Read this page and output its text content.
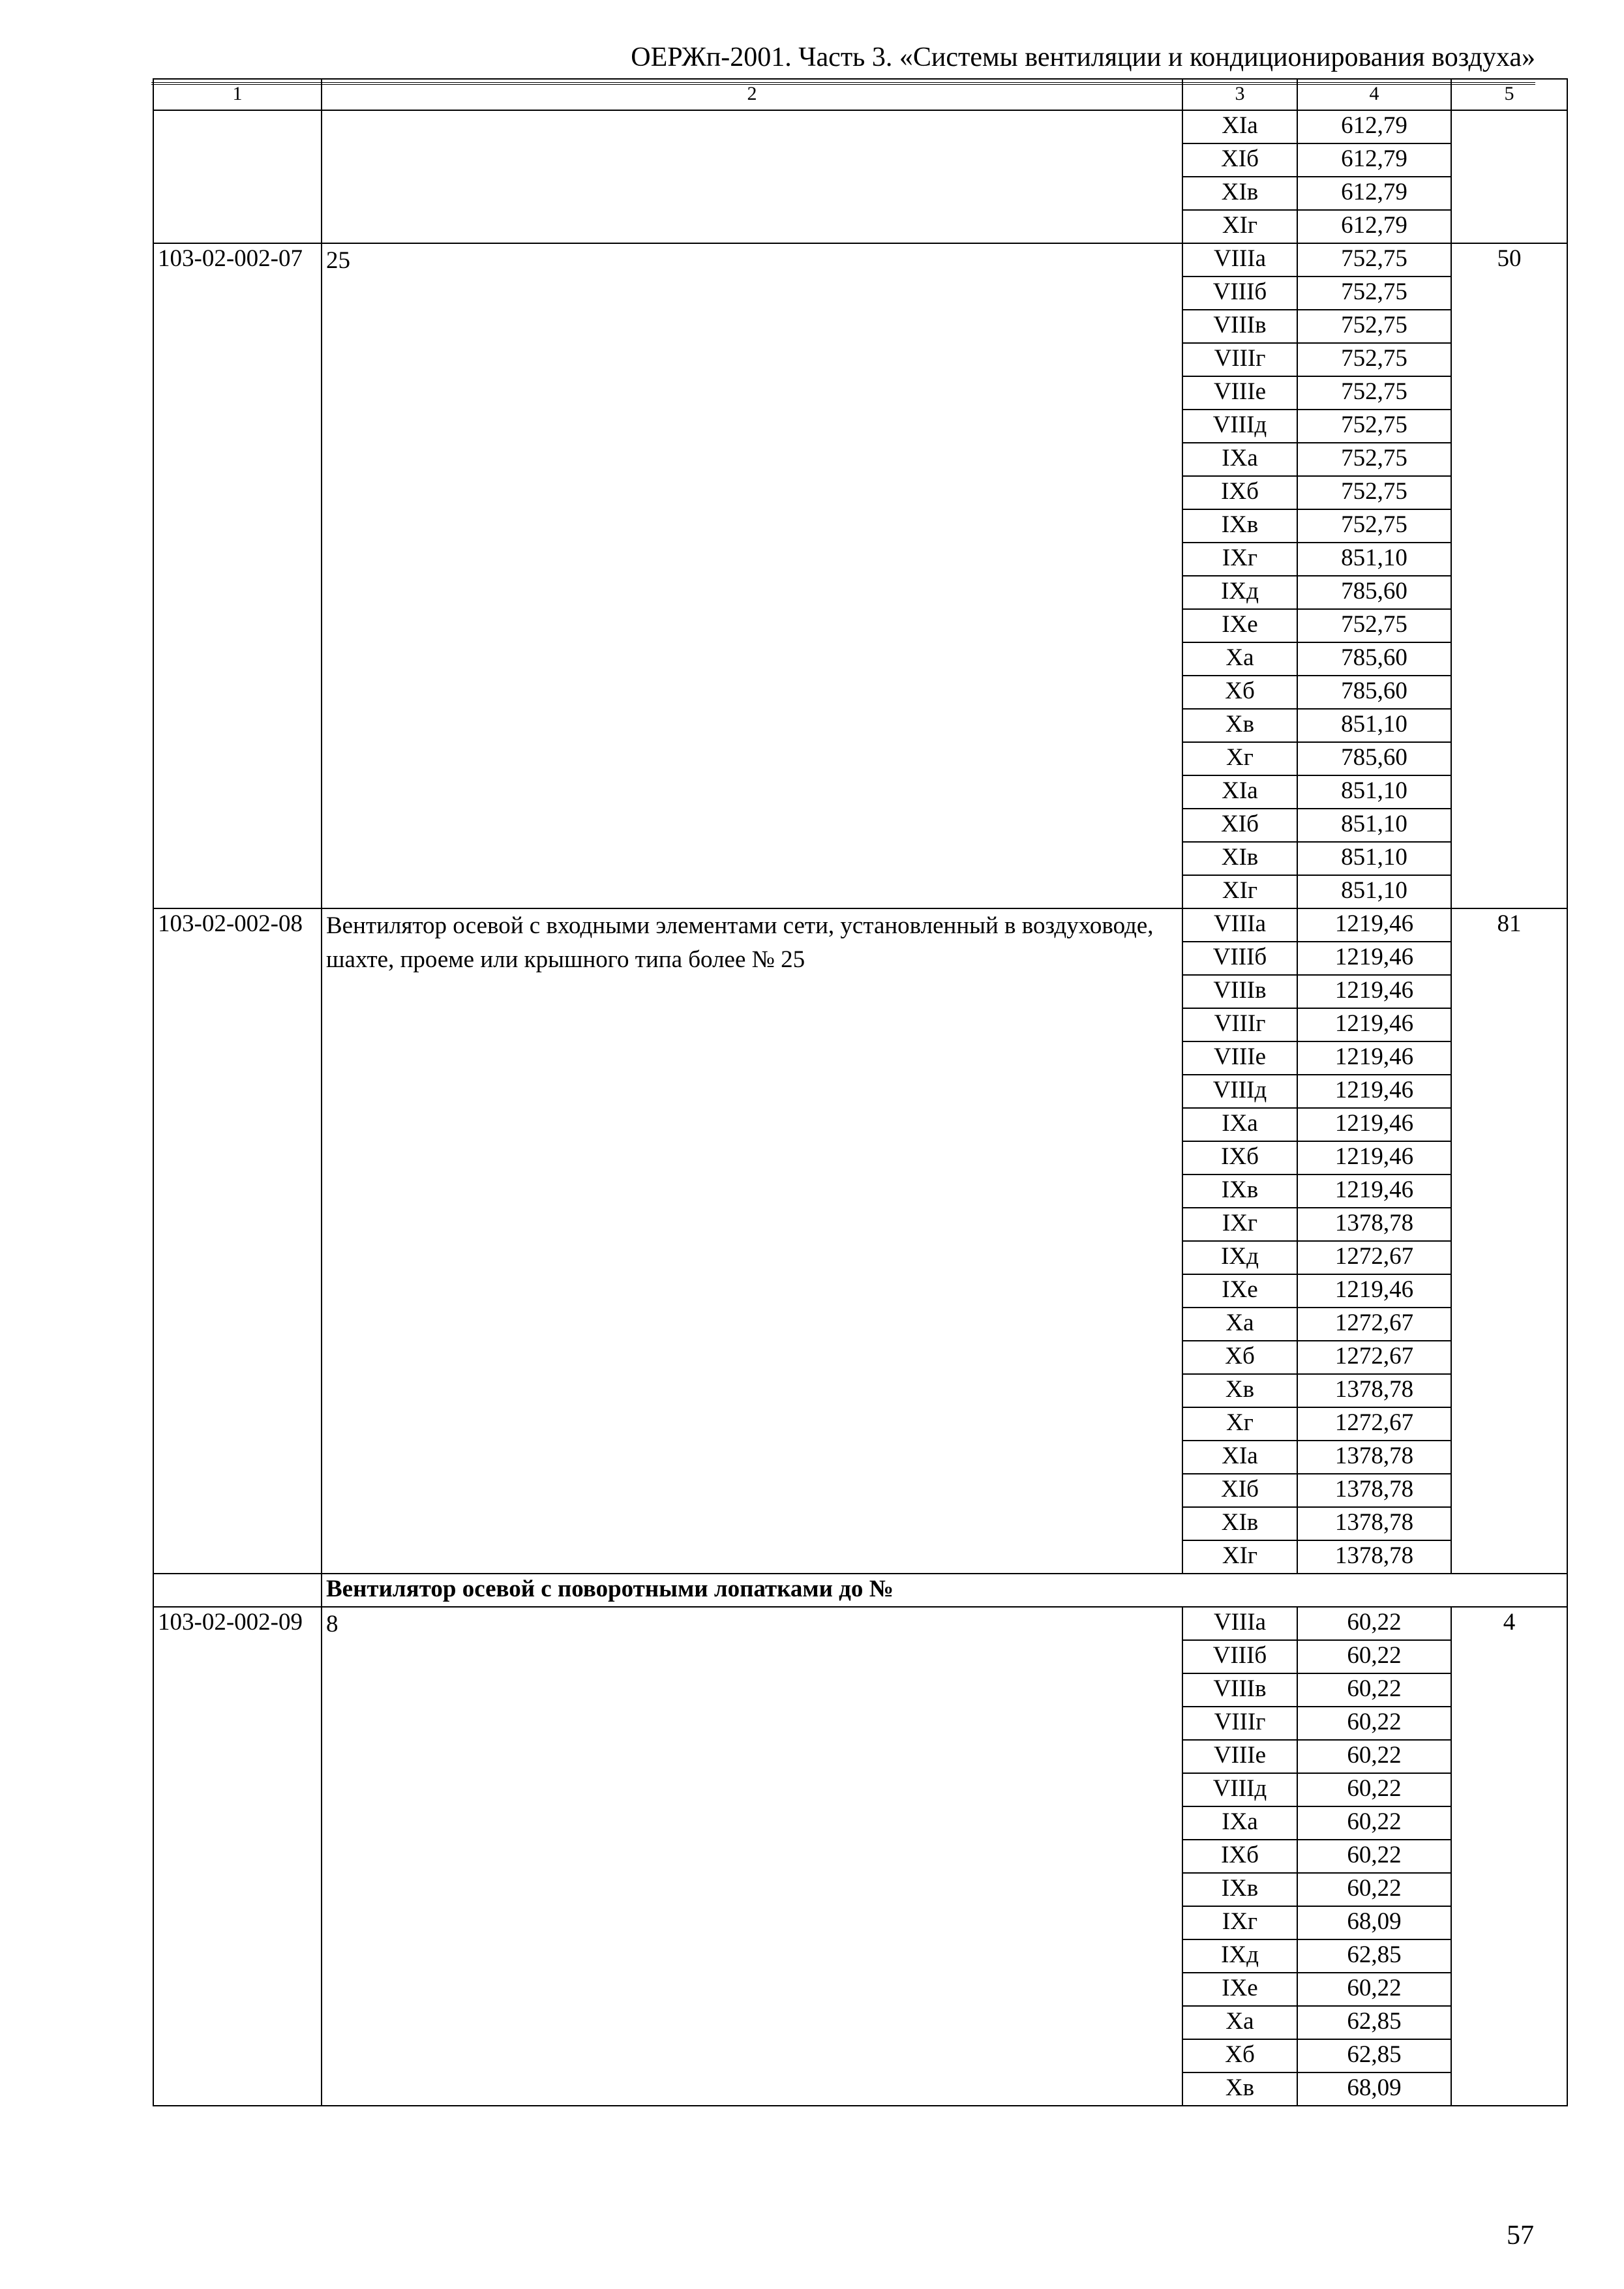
ОЕРЖп-2001. Часть 3. «Системы вентиляции и кондиционирования воздуха»
1	2	3	4	5
		XIа	612,79	
		XIб	612,79	
		XIв	612,79	
		XIг	612,79	
103-02-002-07	25	VIIIа	752,75	50
		VIIIб	752,75	
		VIIIв	752,75	
		VIIIг	752,75	
		VIIIе	752,75	
		VIIIд	752,75	
		IXа	752,75	
		IXб	752,75	
		IXв	752,75	
		IXг	851,10	
		IXд	785,60	
		IXе	752,75	
		Xа	785,60	
		Xб	785,60	
		Xв	851,10	
		Xг	785,60	
		XIа	851,10	
		XIб	851,10	
		XIв	851,10	
		XIг	851,10	
103-02-002-08	Вентилятор осевой с входными элементами сети, установленный в воздуховоде, шахте, проеме или крышного типа более № 25	VIIIа	1219,46	81
		VIIIб	1219,46	
		VIIIв	1219,46	
		VIIIг	1219,46	
		VIIIе	1219,46	
		VIIIд	1219,46	
		IXа	1219,46	
		IXб	1219,46	
		IXв	1219,46	
		IXг	1378,78	
		IXд	1272,67	
		IXе	1219,46	
		Xа	1272,67	
		Xб	1272,67	
		Xв	1378,78	
		Xг	1272,67	
		XIа	1378,78	
		XIб	1378,78	
		XIв	1378,78	
		XIг	1378,78	
	Вентилятор осевой с поворотными лопатками до №			
103-02-002-09	8	VIIIа	60,22	4
		VIIIб	60,22	
		VIIIв	60,22	
		VIIIг	60,22	
		VIIIе	60,22	
		VIIIд	60,22	
		IXа	60,22	
		IXб	60,22	
		IXв	60,22	
		IXг	68,09	
		IXд	62,85	
		IXе	60,22	
		Xа	62,85	
		Xб	62,85	
		Xв	68,09	
57
